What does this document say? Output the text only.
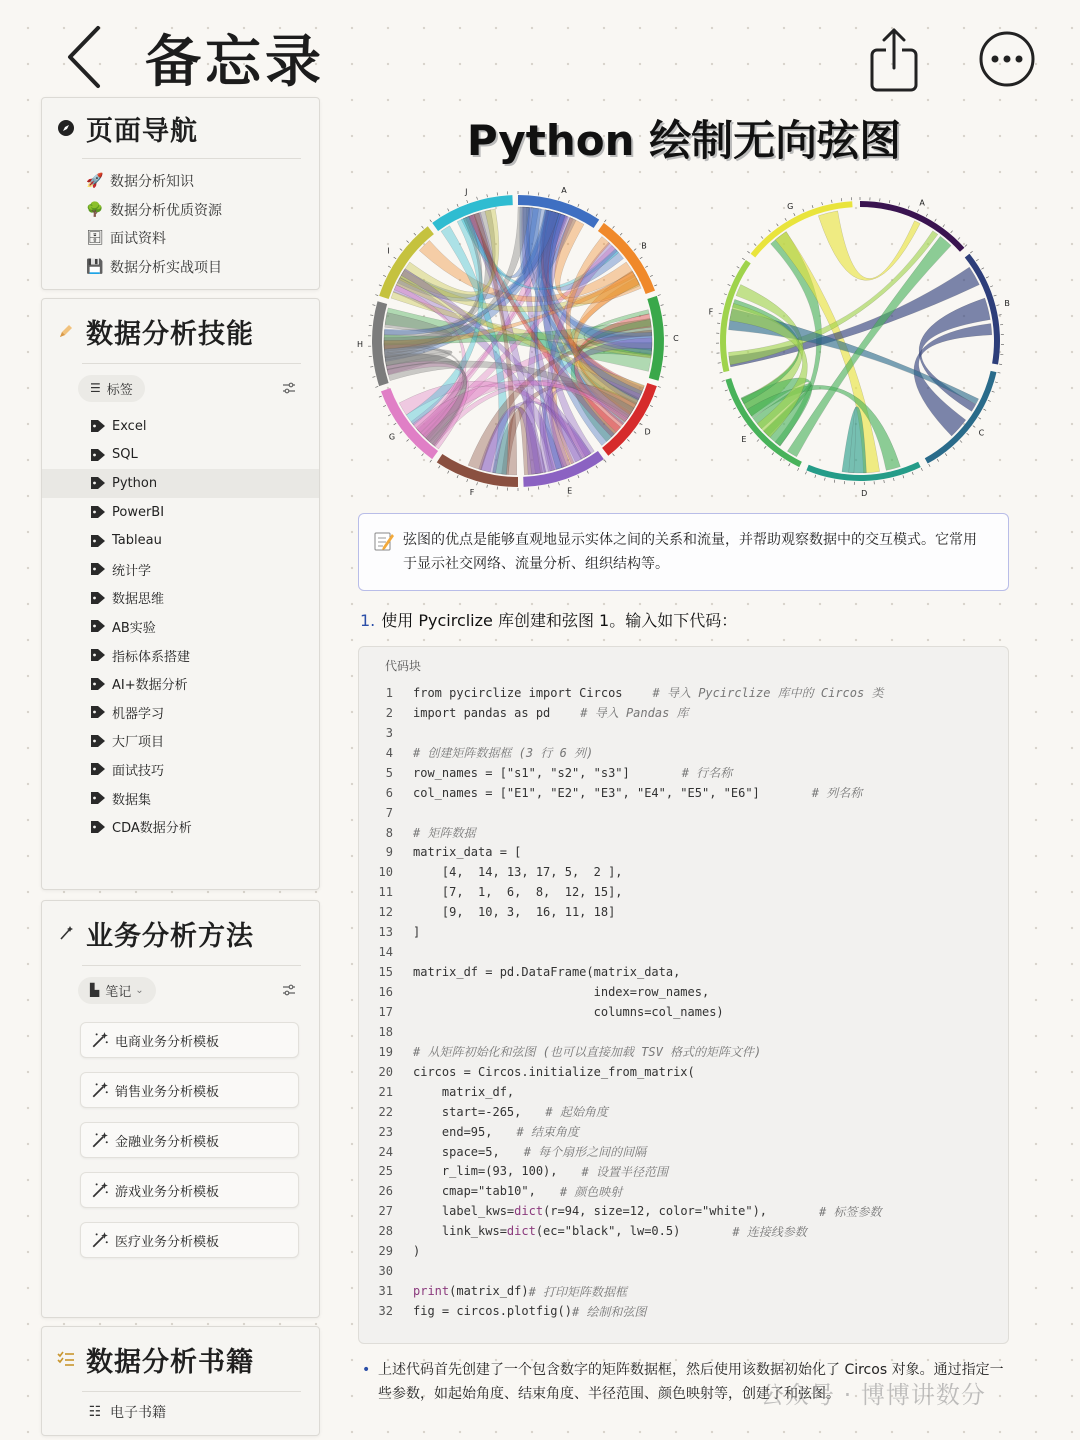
备忘录
页面导航
🚀 数据分析知识
🌳 数据分析优质资源
🗄 面试资料
💾 数据分析实战项目
数据分析技能
☰ 标签
Excel
SQL
Python
PowerBI
Tableau
统计学
数据思维
AB实验
指标体系搭建
AI+数据分析
机器学习
大厂项目
面试技巧
数据集
CDA数据分析
业务分析方法
▙ 笔记 ⌄
电商业务分析模板
销售业务分析模板
金融业务分析模板
游戏业务分析模板
医疗业务分析模板
数据分析书籍
☷ 电子书籍
Python 绘制无向弦图
A
B
C
D
E
F
G
H
I
J
A
B
C
D
E
F
G
弦图的优点是能够直观地显示实体之间的关系和流量，并帮助观察数据中的交互模式。它常用于显示社交网络、流量分析、组织结构等。
1. 使用 Pycirclize 库创建和弦图 1。输入如下代码：
代码块
1 from pycirclize import Circos	# 导入 Pycirclize 库中的 Circos 类
2 import pandas as pd	# 导入 Pandas 库
3
4 # 创建矩阵数据框 (3 行 6 列)
5 row_names = ["s1", "s2", "s3"]	# 行名称
6 col_names = ["E1", "E2", "E3", "E4", "E5", "E6"]	# 列名称
7
8 # 矩阵数据
9 matrix_data = [
10 [4,  14, 13, 17, 5,  2 ],
11 [7,  1,  6,  8,  12, 15],
12 [9,  10, 3,  16, 11, 18]
13 ]
14
15 matrix_df = pd.DataFrame(matrix_data,
16 index=row_names,
17 columns=col_names)
18
19 # 从矩阵初始化和弦图 (也可以直接加载 TSV 格式的矩阵文件)
20 circos = Circos.initialize_from_matrix(
21 matrix_df,
22 start=-265, # 起始角度
23 end=95, # 结束角度
24 space=5, # 每个扇形之间的间隔
25 r_lim=(93, 100), # 设置半径范围
26 cmap="tab10", # 颜色映射
27 label_kws=dict(r=94, size=12, color="white"),	# 标签参数
28 link_kws=dict(ec="black", lw=0.5)	# 连接线参数
29 )
30
31 print(matrix_df) # 打印矩阵数据框
32 fig = circos.plotfig() # 绘制和弦图
• 上述代码首先创建了一个包含数字的矩阵数据框，然后使用该数据初始化了 Circos 对象。通过指定一些参数，如起始角度、结束角度、半径范围、颜色映射等，创建了和弦图。
公众号 · 博博讲数分
